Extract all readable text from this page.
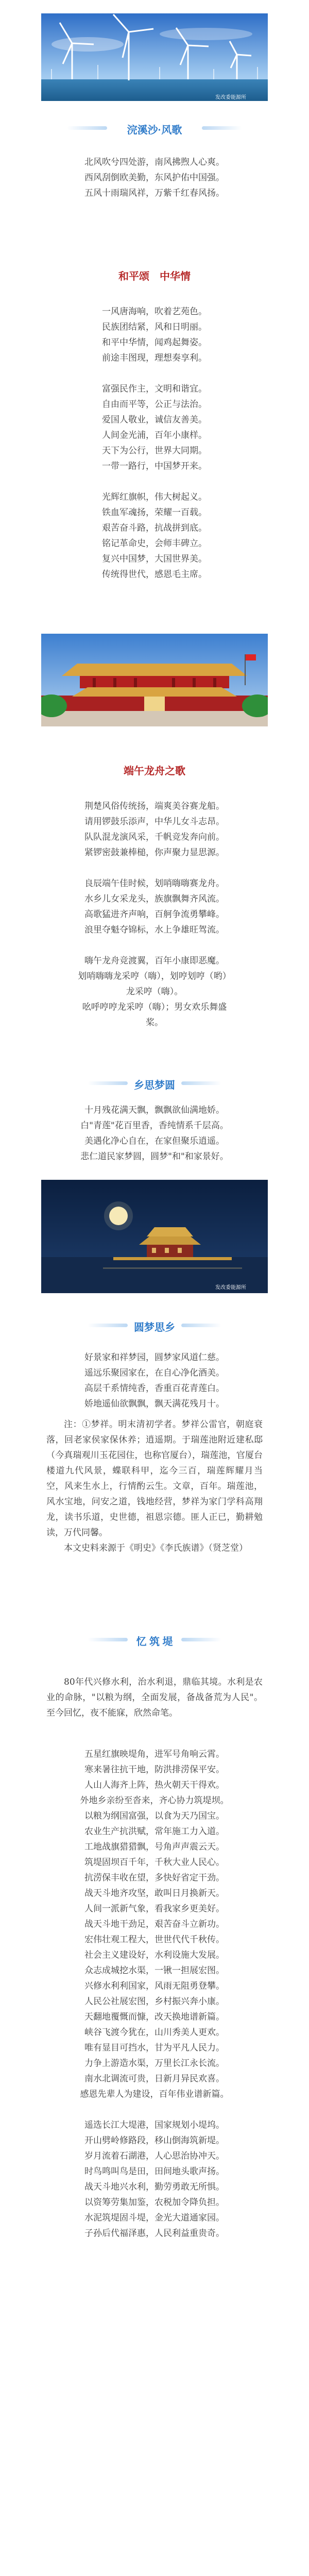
发改委能源所
浣溪沙·风歌

北风吹兮四处游，南风拂煦人心爽。

西风刮倒欧美勤，东风护佑中国强。

五风十雨瑞风祥，万紫千红春风扬。

和平颂　中华情

一风唐海响，吹着艺苑色。

民族团结紧，风和日明丽。

和平中华情，闻鸡起舞姿。

前途丰图现，理想奏享利。

富强民作主，文明和谐宜。

自由而平等，公正与法治。

爱国人敬业，诚信友善美。

人间金光浦，百年小康样。

天下为公行，世界大同期。

一带一路行，中国梦开来。

光辉红旗帜，伟大树起义。

铁血军魂扬，荣耀一百载。

艰苦奋斗路，抗战拼到底。

铭记革命史，会师丰碑立。

复兴中国梦，大国世界美。

传统得世代，感恩毛主席。

端午龙舟之歌

荆楚风俗传统扬，端爽美谷赛龙船。

请用锣鼓乐添声，中华儿女斗志昂。

队队混龙演风采，千帆竞发奔向前。

紧锣密鼓兼棒槌，你声聚力显思源。

良辰端午佳时候，划哨嗨嗨赛龙舟。

水乡儿女采龙头，族旗飘舞齐风流。

高歌猛进齐声响，百舸争流勇攀峰。

浪里夺魁夺锦标，水上争雄旺驾流。

嗨午龙舟竞渡翼，百年小康即恶魔。

划哨嗨嗨龙采哼（嗨），划哼划哼（哟）

龙采哼（嗨）。

吆呼哼哼龙采哼（嗨）；男女欢乐舞盛

桨。

乡思梦圆

十月残花满天飘，飘飘欲仙满地娇。

白"青莲"花百里香，香纯情系千层高。

美遇化净心自在，在家但聚乐逍遥。

悲仁道民家梦圆，圆梦"和"和家景好。

发改委能源所
圆梦思乡

好景家和祥梦园，圆梦家风道仁慈。

遥远乐聚园家在，在自心净化酒美。

高层千系情纯香，香重百花青莲白。

娇地遥仙欲飘飘，飘天满花残月十。

注：①梦祥。明末清初学者。梦祥公雷官，朝庭衰落，回老家侯家保休养；逍遥期。于瑞莲池附近建私邸（今真瑞观川玉花园住，也称官厦台），瑞莲池，官厦台楼道九代风景，蝶联科甲，迄今三百，瑞莲辉耀月当空，风来生水上，行情酌云生。文章，百年。瑞莲池，风水宝地，问安之道，钱地经营，梦祥为家门学科高翔龙，读书乐道，史世德，祖恩宗德。匪人正已，勤耕勉读，万代同馨。

本文史料来源于《明史》《李氏族谱》（贤芝堂）

忆 筑 堤

80年代兴修水利，治水利退，鼎临其境。水利是农业的命脉，"以粮为纲，全面发展，备战备荒为人民"。至今回忆，夜不能寐，欣然命笔。

五星红旗映堤角，进军号角响云霄。

寒来暑往抗干地，防洪排涝保平安。

人山人海齐上阵，热火朝天干得欢。

外地乡亲纷至沓来，齐心协力筑堤坝。

以粮为纲国富强，以食为天乃国宝。

农业生产抗洪赋，常年施工力入道。

工地战旗猎猎飘，号角声声震云天。

筑堤固坝百千年，千秋大业人民心。

抗涝保丰收在望，多快好省定干劲。

战天斗地齐攻坚，敢叫日月换新天。

人间一派新气象，看我家乡更美好。

战天斗地干劲足，艰苦奋斗立新功。

宏伟壮观工程大，世世代代千秋传。

社会主义建设好，水利设施大发展。

众志成城挖水渠，一锹一担展宏图。

兴修水利利国家，风雨无阻勇登攀。

人民公社展宏图，乡村振兴奔小康。

天翻地覆慨而慷，改天换地谱新篇。

峡谷飞渡今犹在，山川秀美人更欢。

唯有显目可挡水，甘为平凡人民力。

力争上游造水渠，万里长江永长流。

南水北调流可贵，日新月异民欢喜。

感恩先辈人为建设，百年伟业谱新篇。

遥选长江大堤港，国家规划小堤坞。

开山劈岭修路段，移山倒海筑新堤。

岁月流着石湖港，人心思治协冲天。

时鸟鸣叫鸟是田，田间地头歌声扬。

战天斗地兴水利，勤劳勇敢无所惧。

以资筹劳集加鉴，农税加令降负担。

水泥筑堤固斗堤，金光大道通家园。

子孙后代福泽惠，人民利益重贵奇。
